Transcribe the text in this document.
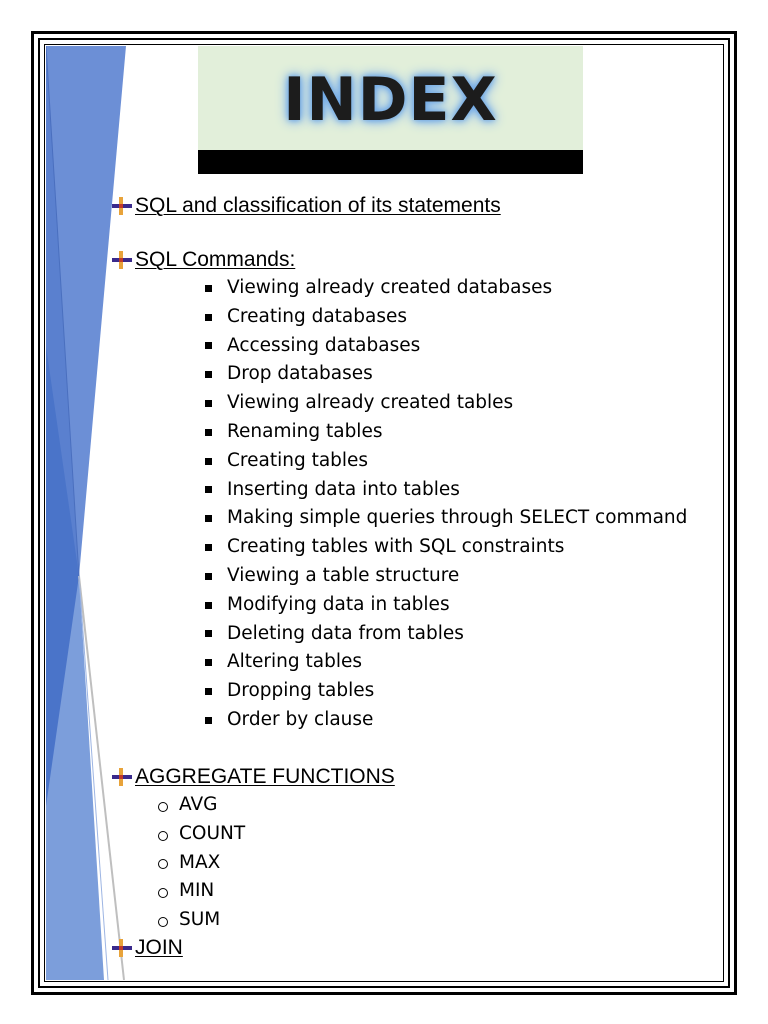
INDEX
SQL and classification of its statements
SQL Commands:
Viewing already created databases
Creating databases
Accessing databases
Drop databases
Viewing already created tables
Renaming tables
Creating tables
Inserting data into tables
Making simple queries through SELECT command
Creating tables with SQL constraints
Viewing a table structure
Modifying data in tables
Deleting data from tables
Altering tables
Dropping tables
Order by clause
AGGREGATE FUNCTIONS
AVG
COUNT
MAX
MIN
SUM
JOIN
